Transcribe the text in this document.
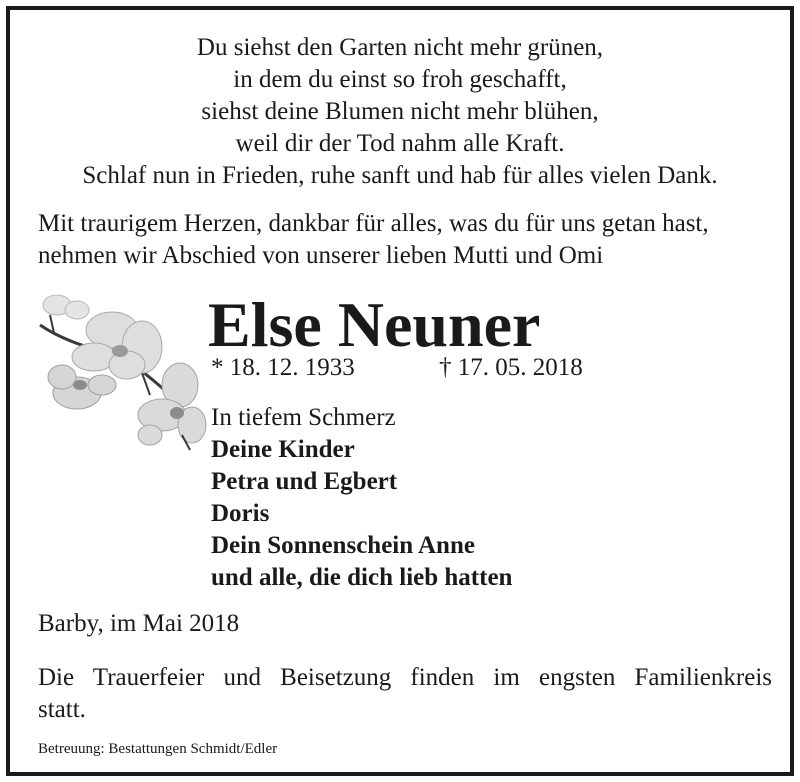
Du siehst den Garten nicht mehr grünen,
in dem du einst so froh geschafft,
siehst deine Blumen nicht mehr blühen,
weil dir der Tod nahm alle Kraft.
Schlaf nun in Frieden, ruhe sanft und hab für alles vielen Dank.
Mit traurigem Herzen, dankbar für alles, was du für uns getan hast,
nehmen wir Abschied von unserer lieben Mutti und Omi
Else Neuner
* 18. 12. 1933	† 17. 05. 2018
In tiefem Schmerz
Deine Kinder
Petra und Egbert
Doris
Dein Sonnenschein Anne
und alle, die dich lieb hatten
Barby, im Mai 2018
Die Trauerfeier und Beisetzung finden im engsten Familienkreis
statt.
Betreuung: Bestattungen Schmidt/Edler
